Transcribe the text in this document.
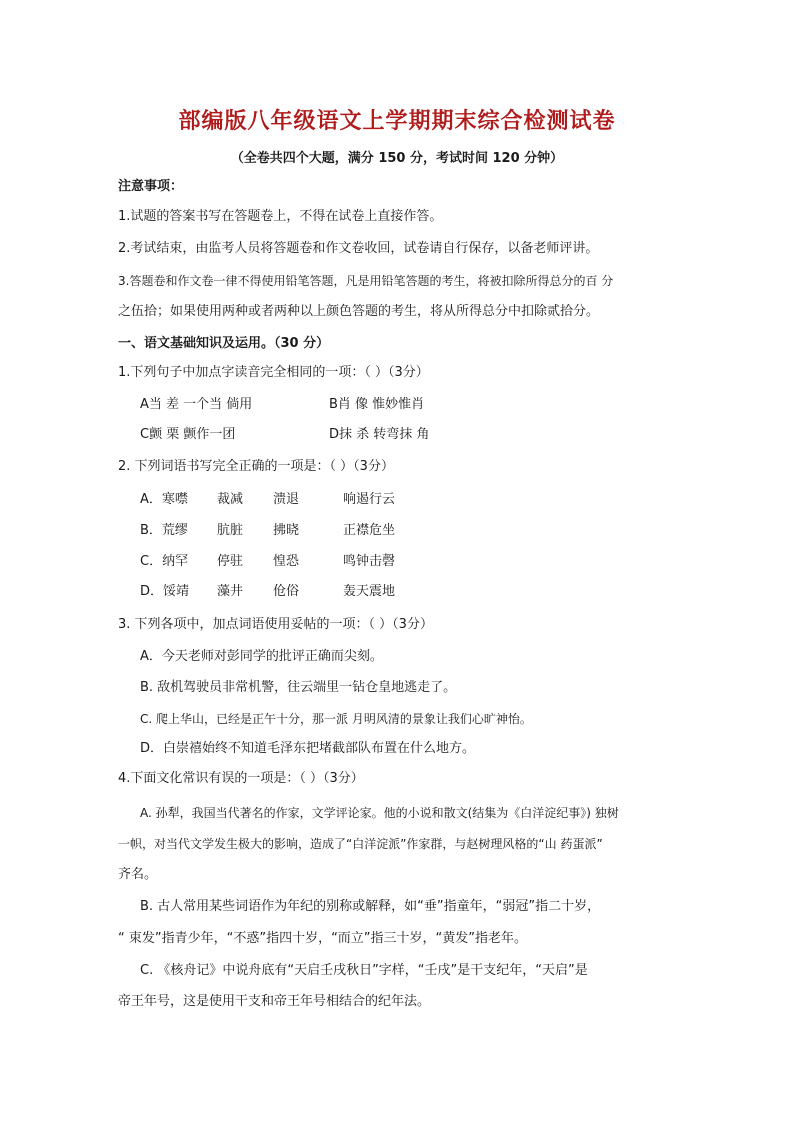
部编版八年级语文上学期期末综合检测试卷
（全卷共四个大题，满分 150 分，考试时间 120 分钟）
注意事项：
1.试题的答案书写在答题卷上，不得在试卷上直接作答。
2.考试结束，由监考人员将答题卷和作文卷收回，试卷请自行保存，以备老师评讲。
3.答题卷和作文卷一律不得使用铅笔答题，凡是用铅笔答题的考生，将被扣除所得总分的百 分
之伍拾；如果使用两种或者两种以上颜色答题的考生，将从所得总分中扣除贰拾分。
一、语文基础知识及运用。（30 分）
1.下列句子中加点字读音完全相同的一项：（ ）（3分）
A当 差 一个当 倘用	B肖 像 惟妙惟肖
C颤 栗 颤作一团	D抹 杀 转弯抹 角
2. 下列词语书写完全正确的一项是：（ ）（3分）
A．寒噤 裁减 溃退	响遏行云
B．荒缪 肮脏 拂晓	正襟危坐
C．纳罕 停驻 惶恐	鸣钟击磬
D．馁靖 藻井 伧俗	轰天震地
3. 下列各项中，加点词语使用妥帖的一项：（ ）（3分）
A．今天老师对彭同学的批评正确而尖刻。
B. 敌机驾驶员非常机警，往云端里一钻仓皇地逃走了。
C. 爬上华山，已经是正午十分，那一派 月明风清的景象让我们心旷神怡。
D．白崇禧始终不知道毛泽东把堵截部队布置在什么地方。
4.下面文化常识有误的一项是：（ ）（3分）
A. 孙犁，我国当代著名的作家，文学评论家。他的小说和散文(结集为《白洋淀纪事》) 独树
一帜，对当代文学发生极大的影响，造成了“白洋淀派”作家群，与赵树理风格的“山 药蛋派”
齐名。
B. 古人常用某些词语作为年纪的别称或解释，如“垂”指童年，“弱冠”指二十岁，
“ 束发”指青少年，“不惑”指四十岁，“而立”指三十岁，“黄发”指老年。
C. 《核舟记》中说舟底有“天启壬戌秋日”字样，“壬戌”是干支纪年，“天启”是
帝王年号，这是使用干支和帝王年号相结合的纪年法。
